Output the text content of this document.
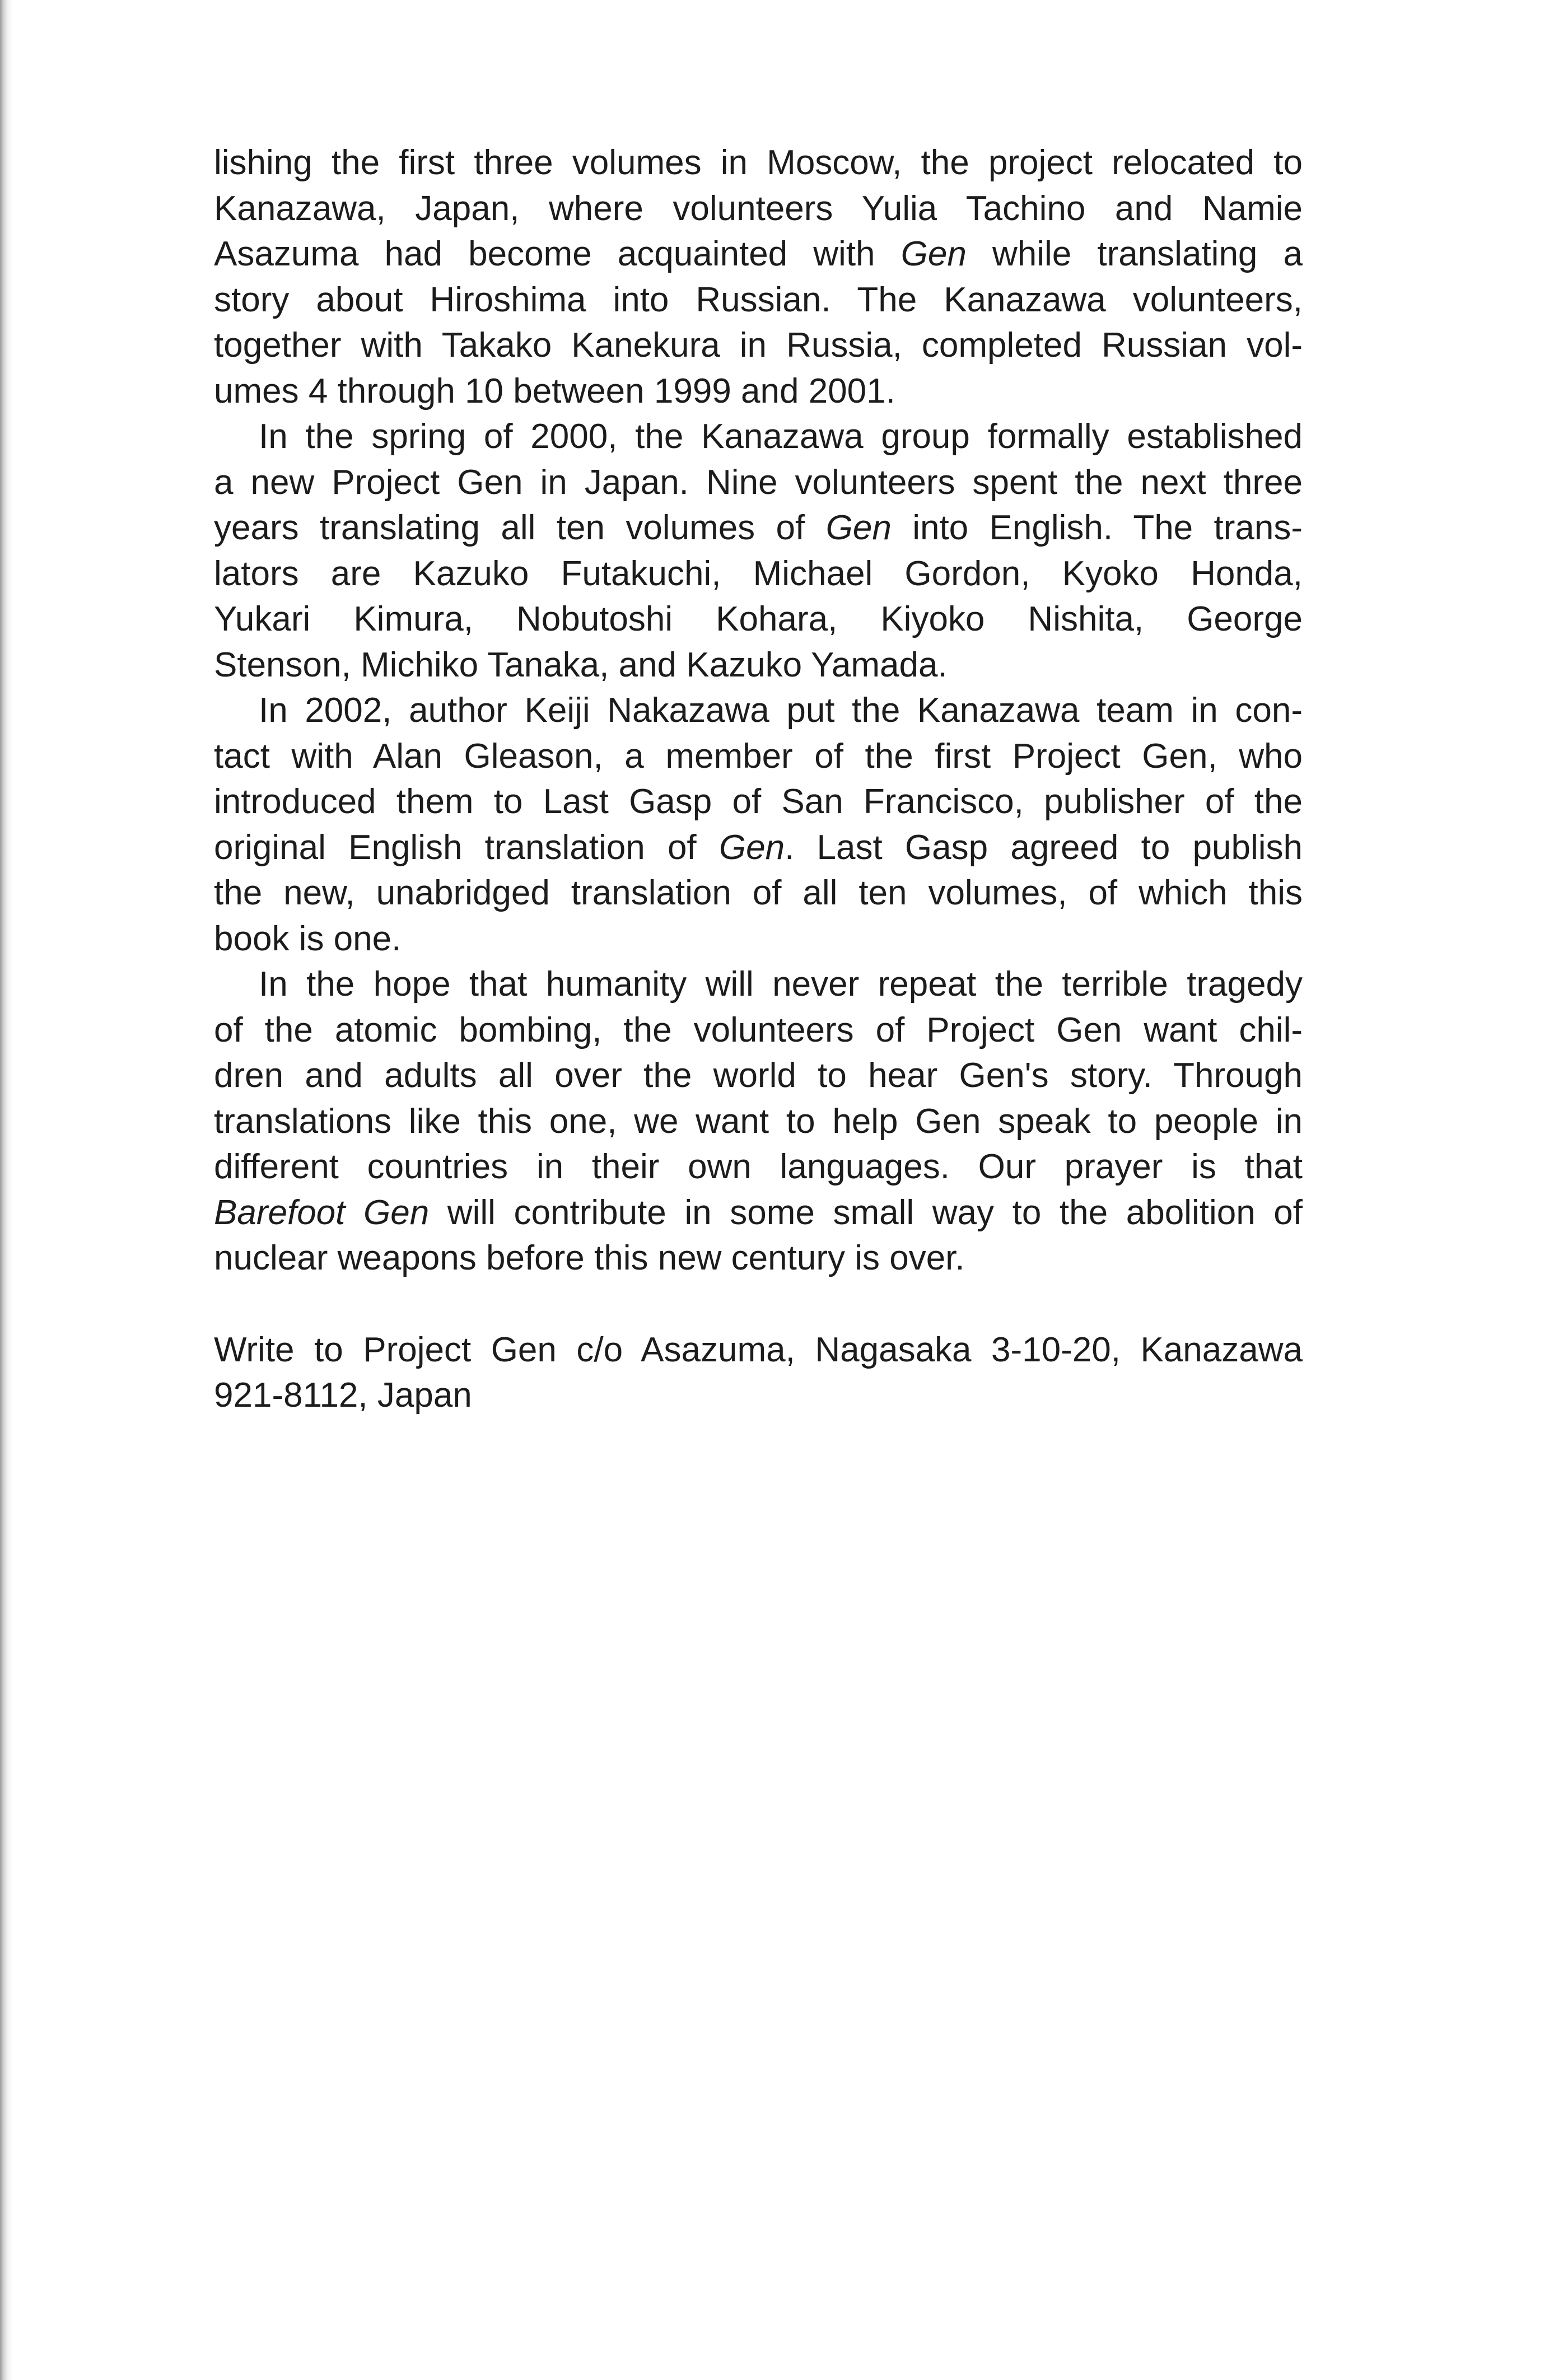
lishing the first three volumes in Moscow, the project relocated to
Kanazawa, Japan, where volunteers Yulia Tachino and Namie
Asazuma had become acquainted with Gen while translating a
story about Hiroshima into Russian. The Kanazawa volunteers,
together with Takako Kanekura in Russia, completed Russian vol-
umes 4 through 10 between 1999 and 2001.

In the spring of 2000, the Kanazawa group formally established
a new Project Gen in Japan. Nine volunteers spent the next three
years translating all ten volumes of Gen into English. The trans-
lators are Kazuko Futakuchi, Michael Gordon, Kyoko Honda,
Yukari Kimura, Nobutoshi Kohara, Kiyoko Nishita, George
Stenson, Michiko Tanaka, and Kazuko Yamada.

In 2002, author Keiji Nakazawa put the Kanazawa team in con-
tact with Alan Gleason, a member of the first Project Gen, who
introduced them to Last Gasp of San Francisco, publisher of the
original English translation of Gen. Last Gasp agreed to publish
the new, unabridged translation of all ten volumes, of which this
book is one.

In the hope that humanity will never repeat the terrible tragedy
of the atomic bombing, the volunteers of Project Gen want chil-
dren and adults all over the world to hear Gen's story. Through
translations like this one, we want to help Gen speak to people in
different countries in their own languages. Our prayer is that
Barefoot Gen will contribute in some small way to the abolition of
nuclear weapons before this new century is over.

Write to Project Gen c/o Asazuma, Nagasaka 3-10-20, Kanazawa
921-8112, Japan
